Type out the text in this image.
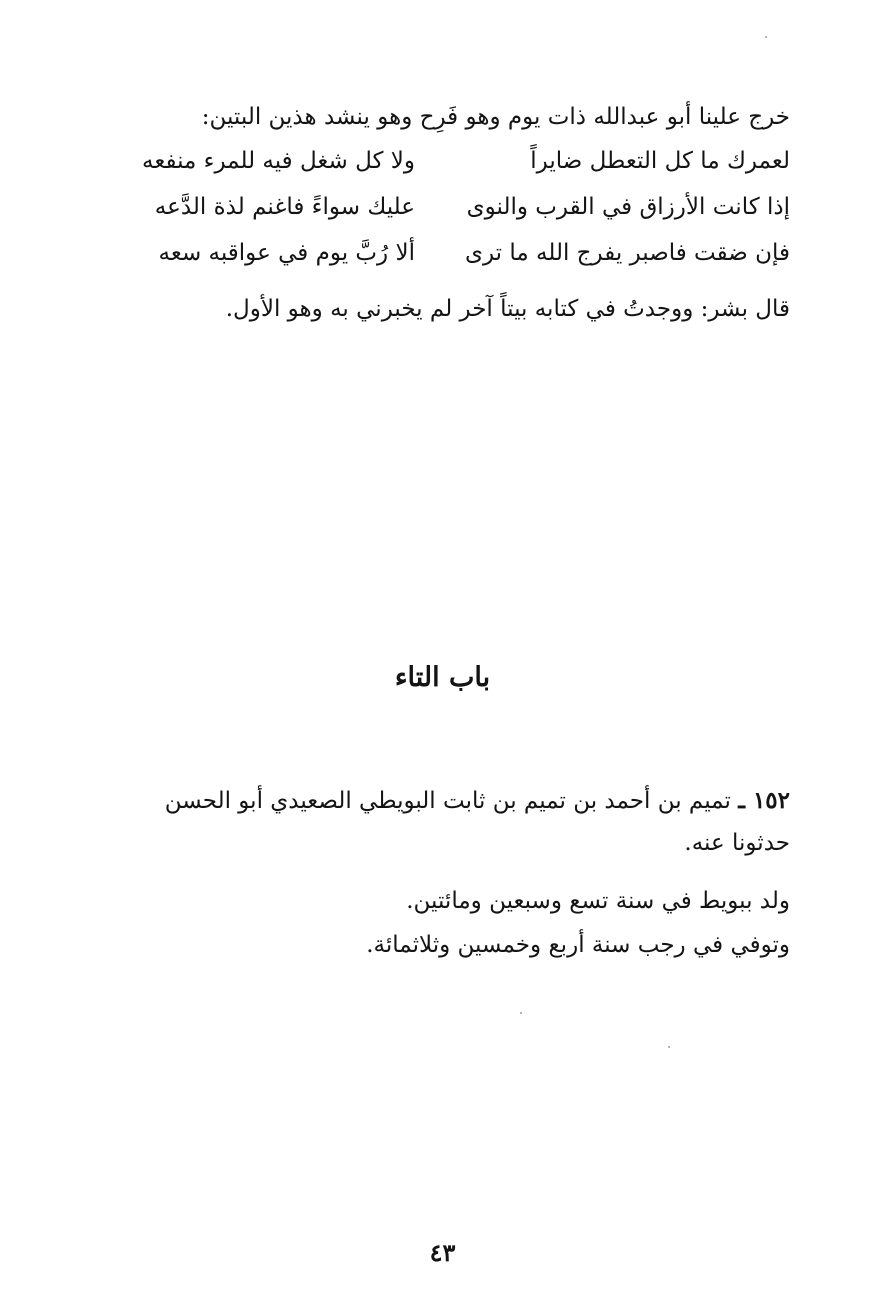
خرج علينا أبو عبدالله ذات يوم وهو فَرِح وهو ينشد هذين البتين:
لعمرك ما كل التعطل ضايراً
ولا كل شغل فيه للمرء منفعه
إذا كانت الأرزاق في القرب والنوى
عليك سواءً فاغنم لذة الدَّعه
فإن ضقت فاصبر يفرج الله ما ترى
ألا رُبَّ يوم في عواقبه سعه
قال بشر: ووجدتُ في كتابه بيتاً آخر لم يخبرني به وهو الأول.
باب التاء
١٥٢ ـ تميم بن أحمد بن تميم بن ثابت البويطي الصعيدي أبو الحسن
حدثونا عنه.
ولد ببويط في سنة تسع وسبعين ومائتين.
وتوفي في رجب سنة أربع وخمسين وثلاثمائة.
٤٣
